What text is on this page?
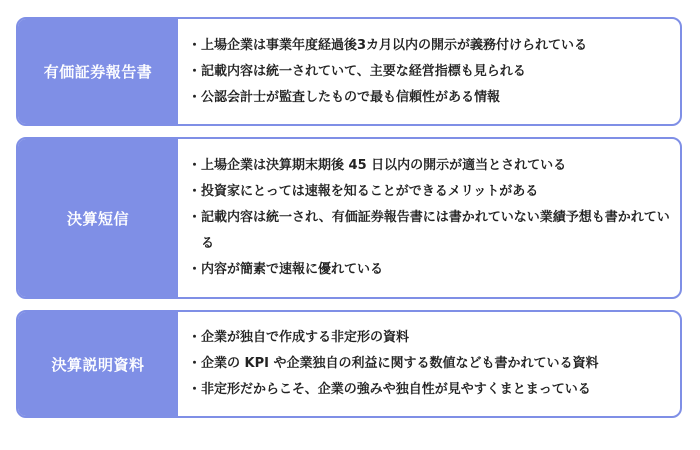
有価証券報告書
・ 上場企業は事業年度経過後3カ月以内の開示が義務付けられている
・ 記載内容は統一されていて、主要な経営指標も見られる
・ 公認会計士が監査したもので最も信頼性がある情報
決算短信
・ 上場企業は決算期末期後 45 日以内の開示が適当とされている
・ 投資家にとっては速報を知ることができるメリットがある
・ 記載内容は統一され、有価証券報告書には書かれていない業績予想も書かれている
・ 内容が簡素で速報に優れている
決算説明資料
・ 企業が独自で作成する非定形の資料
・ 企業の KPI や企業独自の利益に関する数値なども書かれている資料
・ 非定形だからこそ、企業の強みや独自性が見やすくまとまっている
